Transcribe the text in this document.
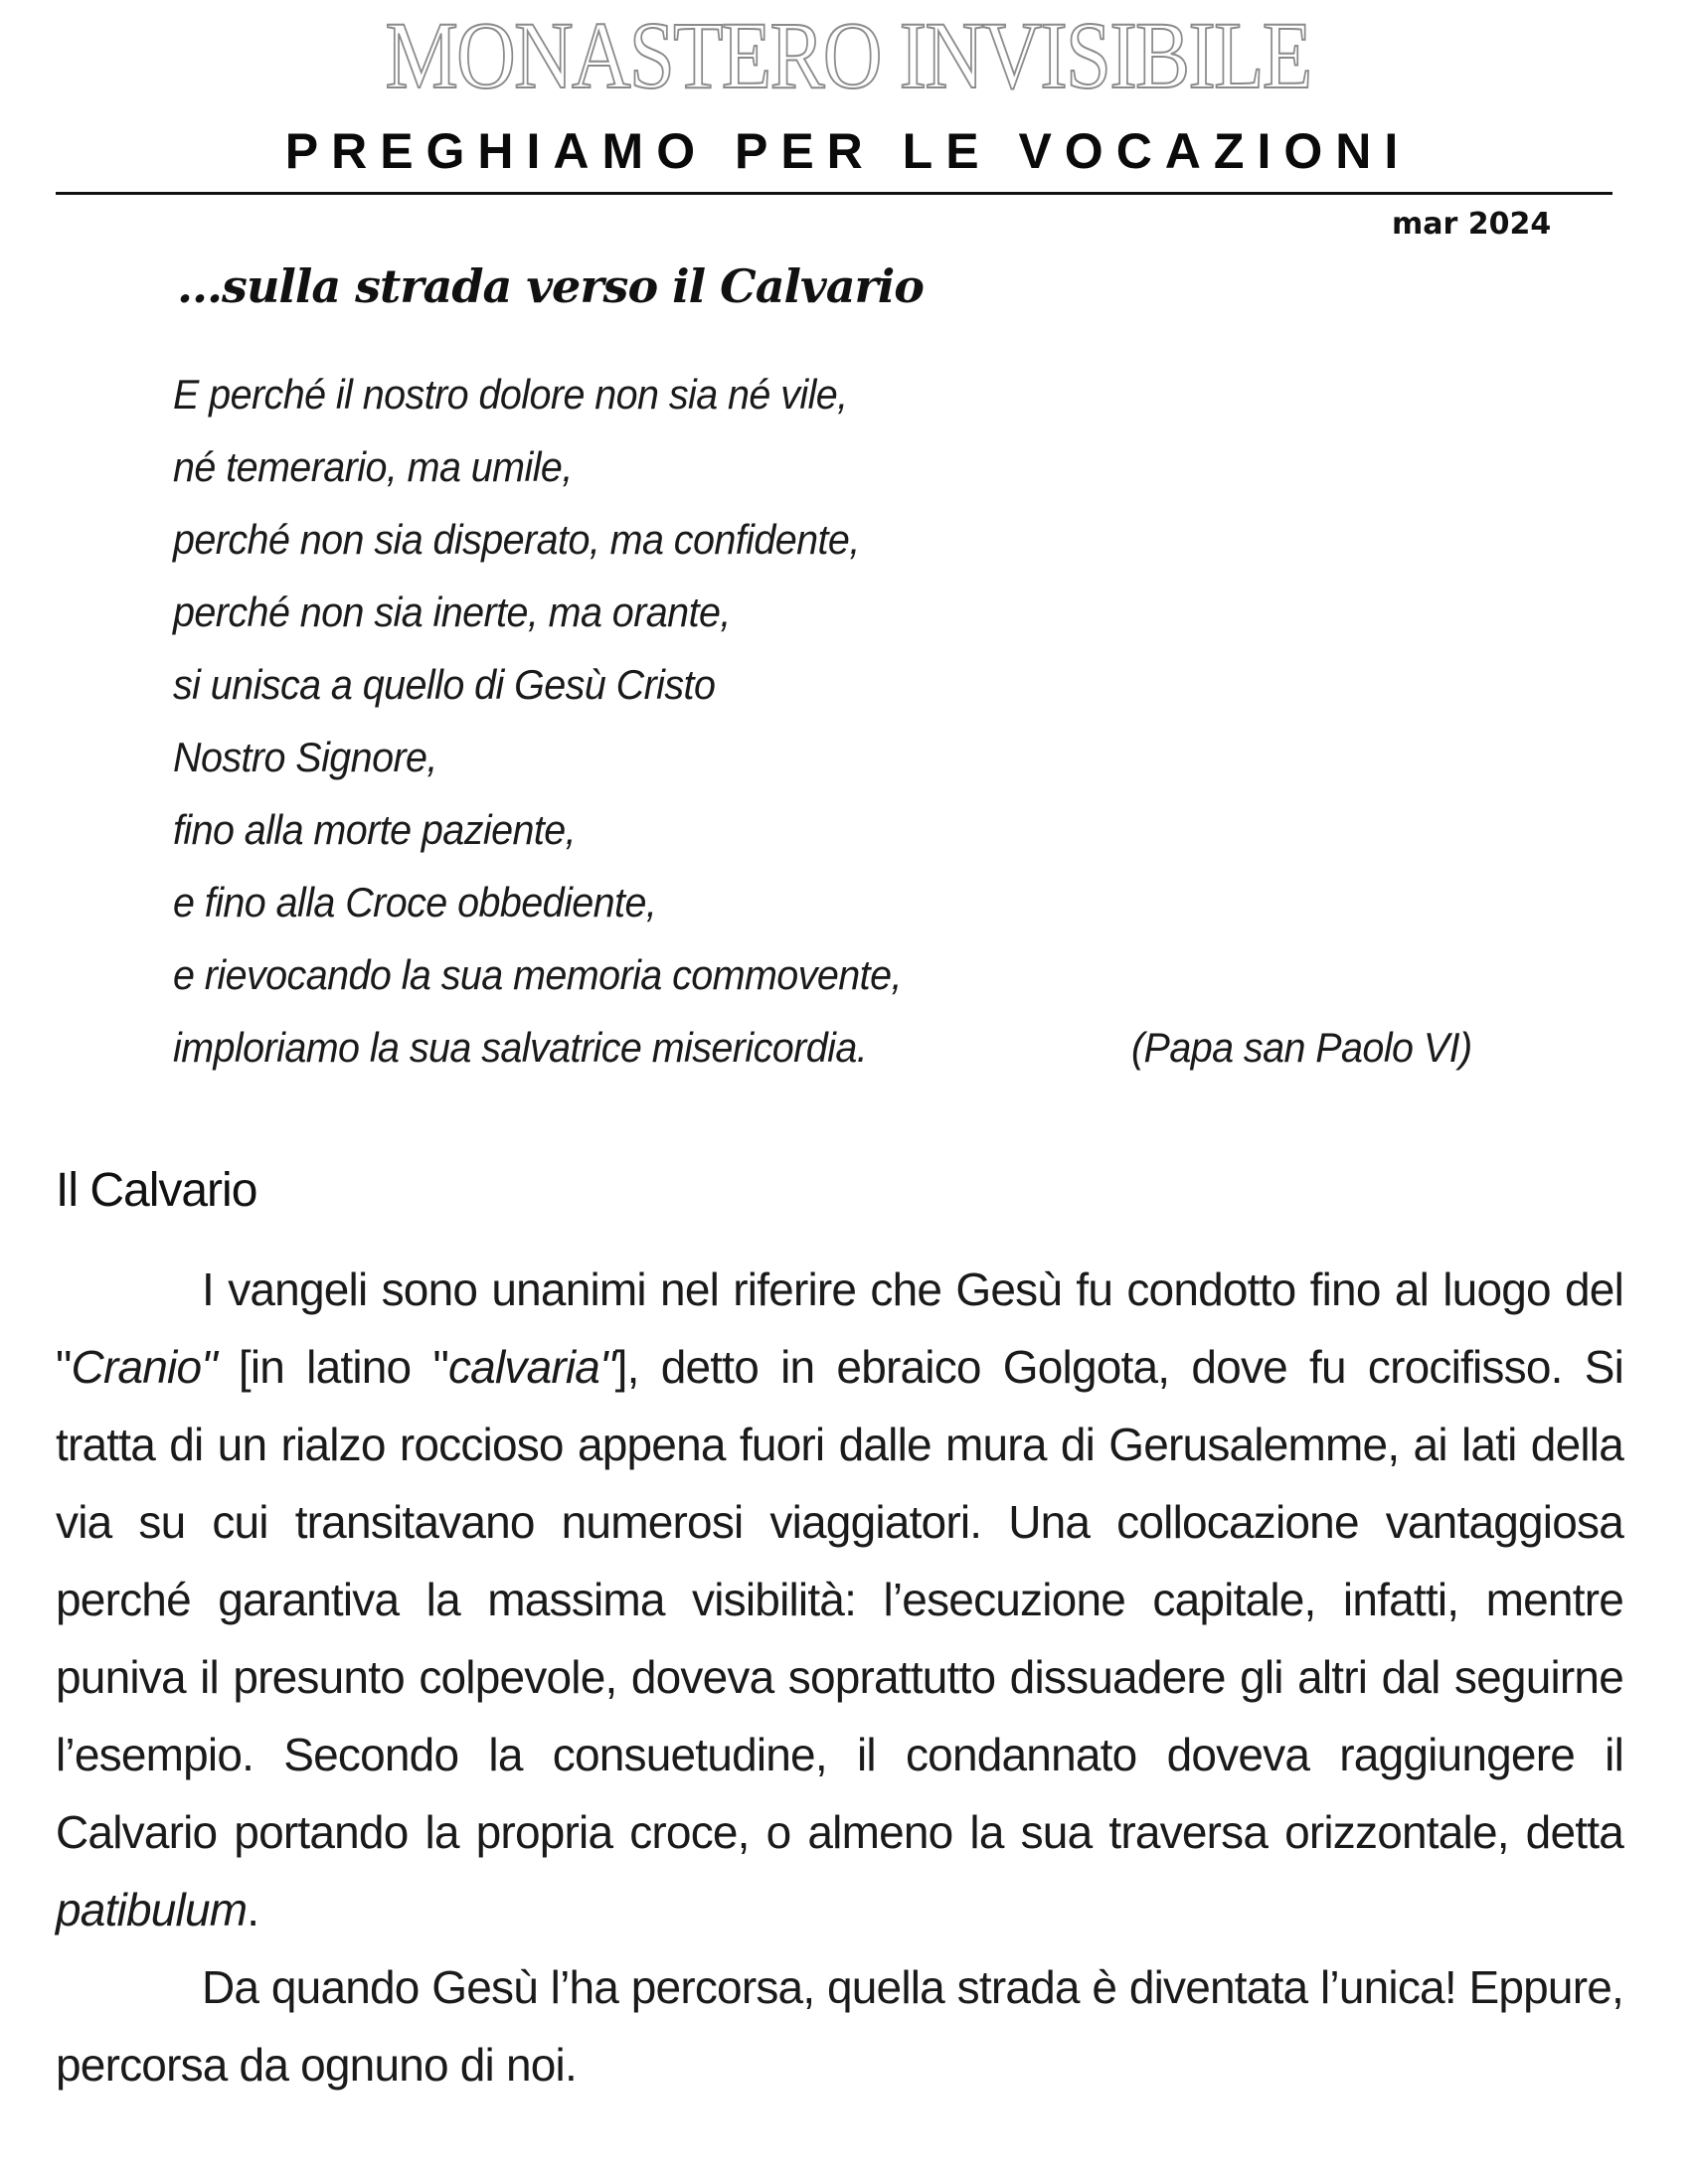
MONASTERO INVISIBILE
PREGHIAMO PER LE VOCAZIONI
mar 2024
...sulla strada verso il Calvario
E perché il nostro dolore non sia né vile,
né temerario, ma umile,
perché non sia disperato, ma confidente,
perché non sia inerte, ma orante,
si unisca a quello di Gesù Cristo
Nostro Signore,
fino alla morte paziente,
e fino alla Croce obbediente,
e rievocando la sua memoria commovente,
imploriamo la sua salvatrice misericordia.	(Papa san Paolo VI)
Il Calvario

I vangeli sono unanimi nel riferire che Gesù fu condotto fino al luogo del "Cranio" [in latino "calvaria"], detto in ebraico Golgota, dove fu crocifisso. Si tratta di un rialzo roccioso appena fuori dalle mura di Gerusalemme, ai lati della via su cui transitavano numerosi viaggiatori. Una collocazione vantaggiosa perché garantiva la massima visibilità: l’esecuzione capitale, infatti, mentre puniva il presunto colpevole, doveva soprattutto dissuadere gli altri dal seguirne l’esempio. Secondo la consuetudine, il condannato doveva raggiungere il Calvario portando la propria croce, o almeno la sua traversa orizzontale, detta patibulum.

Da quando Gesù l’ha percorsa, quella strada è diventata l’unica! Eppure, percorsa da ognuno di noi.
